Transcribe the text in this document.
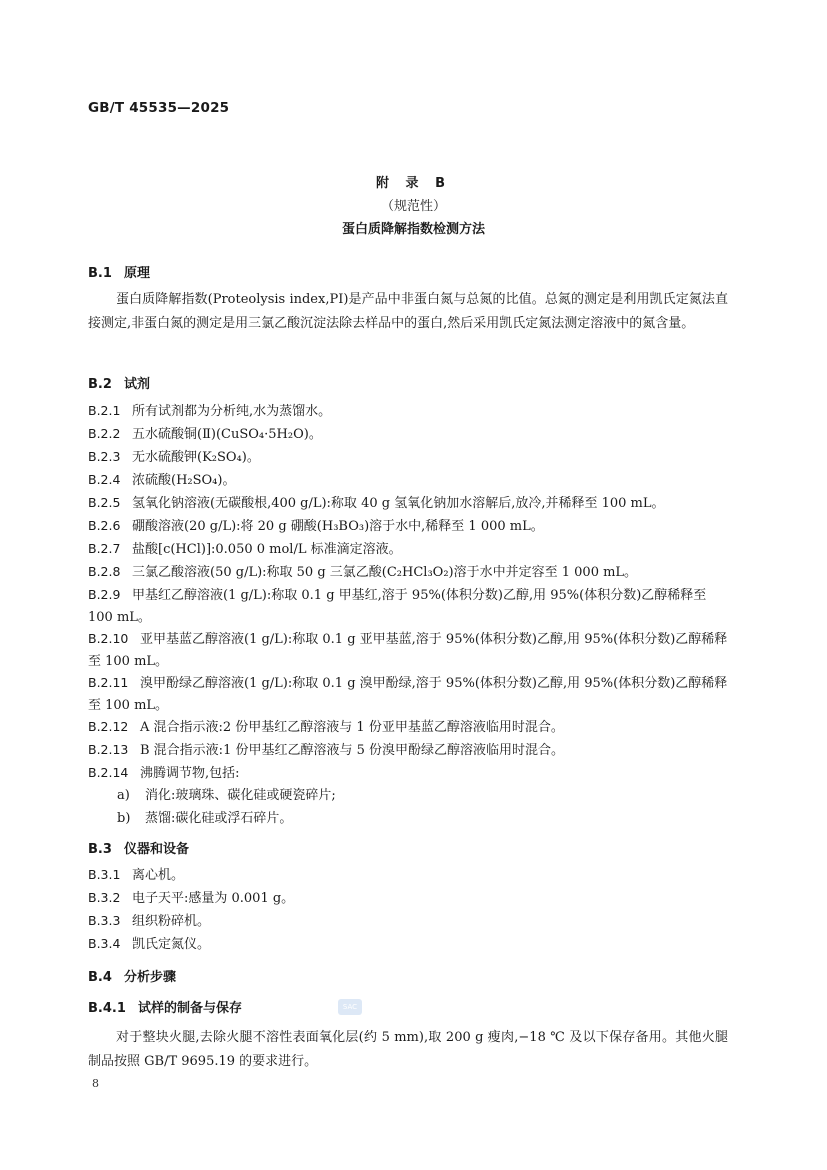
GB/T 45535—2025
附 录 B
（规范性）
蛋白质降解指数检测方法
B.1 原理
蛋白质降解指数(Proteolysis index,PI)是产品中非蛋白氮与总氮的比值。总氮的测定是利用凯氏定氮法直接测定,非蛋白氮的测定是用三氯乙酸沉淀法除去样品中的蛋白,然后采用凯氏定氮法测定溶液中的氮含量。
B.2 试剂
B.2.1 所有试剂都为分析纯,水为蒸馏水。
B.2.2 五水硫酸铜(Ⅱ)(CuSO₄·5H₂O)。
B.2.3 无水硫酸钾(K₂SO₄)。
B.2.4 浓硫酸(H₂SO₄)。
B.2.5 氢氧化钠溶液(无碳酸根,400 g/L):称取 40 g 氢氧化钠加水溶解后,放冷,并稀释至 100 mL。
B.2.6 硼酸溶液(20 g/L):将 20 g 硼酸(H₃BO₃)溶于水中,稀释至 1 000 mL。
B.2.7 盐酸[c(HCl)]:0.050 0 mol/L 标准滴定溶液。
B.2.8 三氯乙酸溶液(50 g/L):称取 50 g 三氯乙酸(C₂HCl₃O₂)溶于水中并定容至 1 000 mL。
B.2.9 甲基红乙醇溶液(1 g/L):称取 0.1 g 甲基红,溶于 95%(体积分数)乙醇,用 95%(体积分数)乙醇稀释至 100 mL。
B.2.10 亚甲基蓝乙醇溶液(1 g/L):称取 0.1 g 亚甲基蓝,溶于 95%(体积分数)乙醇,用 95%(体积分数)乙醇稀释至 100 mL。
B.2.11 溴甲酚绿乙醇溶液(1 g/L):称取 0.1 g 溴甲酚绿,溶于 95%(体积分数)乙醇,用 95%(体积分数)乙醇稀释至 100 mL。
B.2.12 A 混合指示液:2 份甲基红乙醇溶液与 1 份亚甲基蓝乙醇溶液临用时混合。
B.2.13 B 混合指示液:1 份甲基红乙醇溶液与 5 份溴甲酚绿乙醇溶液临用时混合。
B.2.14 沸腾调节物,包括:
a) 消化:玻璃珠、碳化硅或硬瓷碎片;
b) 蒸馏:碳化硅或浮石碎片。
B.3 仪器和设备
B.3.1 离心机。
B.3.2 电子天平:感量为 0.001 g。
B.3.3 组织粉碎机。
B.3.4 凯氏定氮仪。
B.4 分析步骤
B.4.1 试样的制备与保存	SAC
对于整块火腿,去除火腿不溶性表面氧化层(约 5 mm),取 200 g 瘦肉,−18 ℃ 及以下保存备用。其他火腿制品按照 GB/T 9695.19 的要求进行。
8
